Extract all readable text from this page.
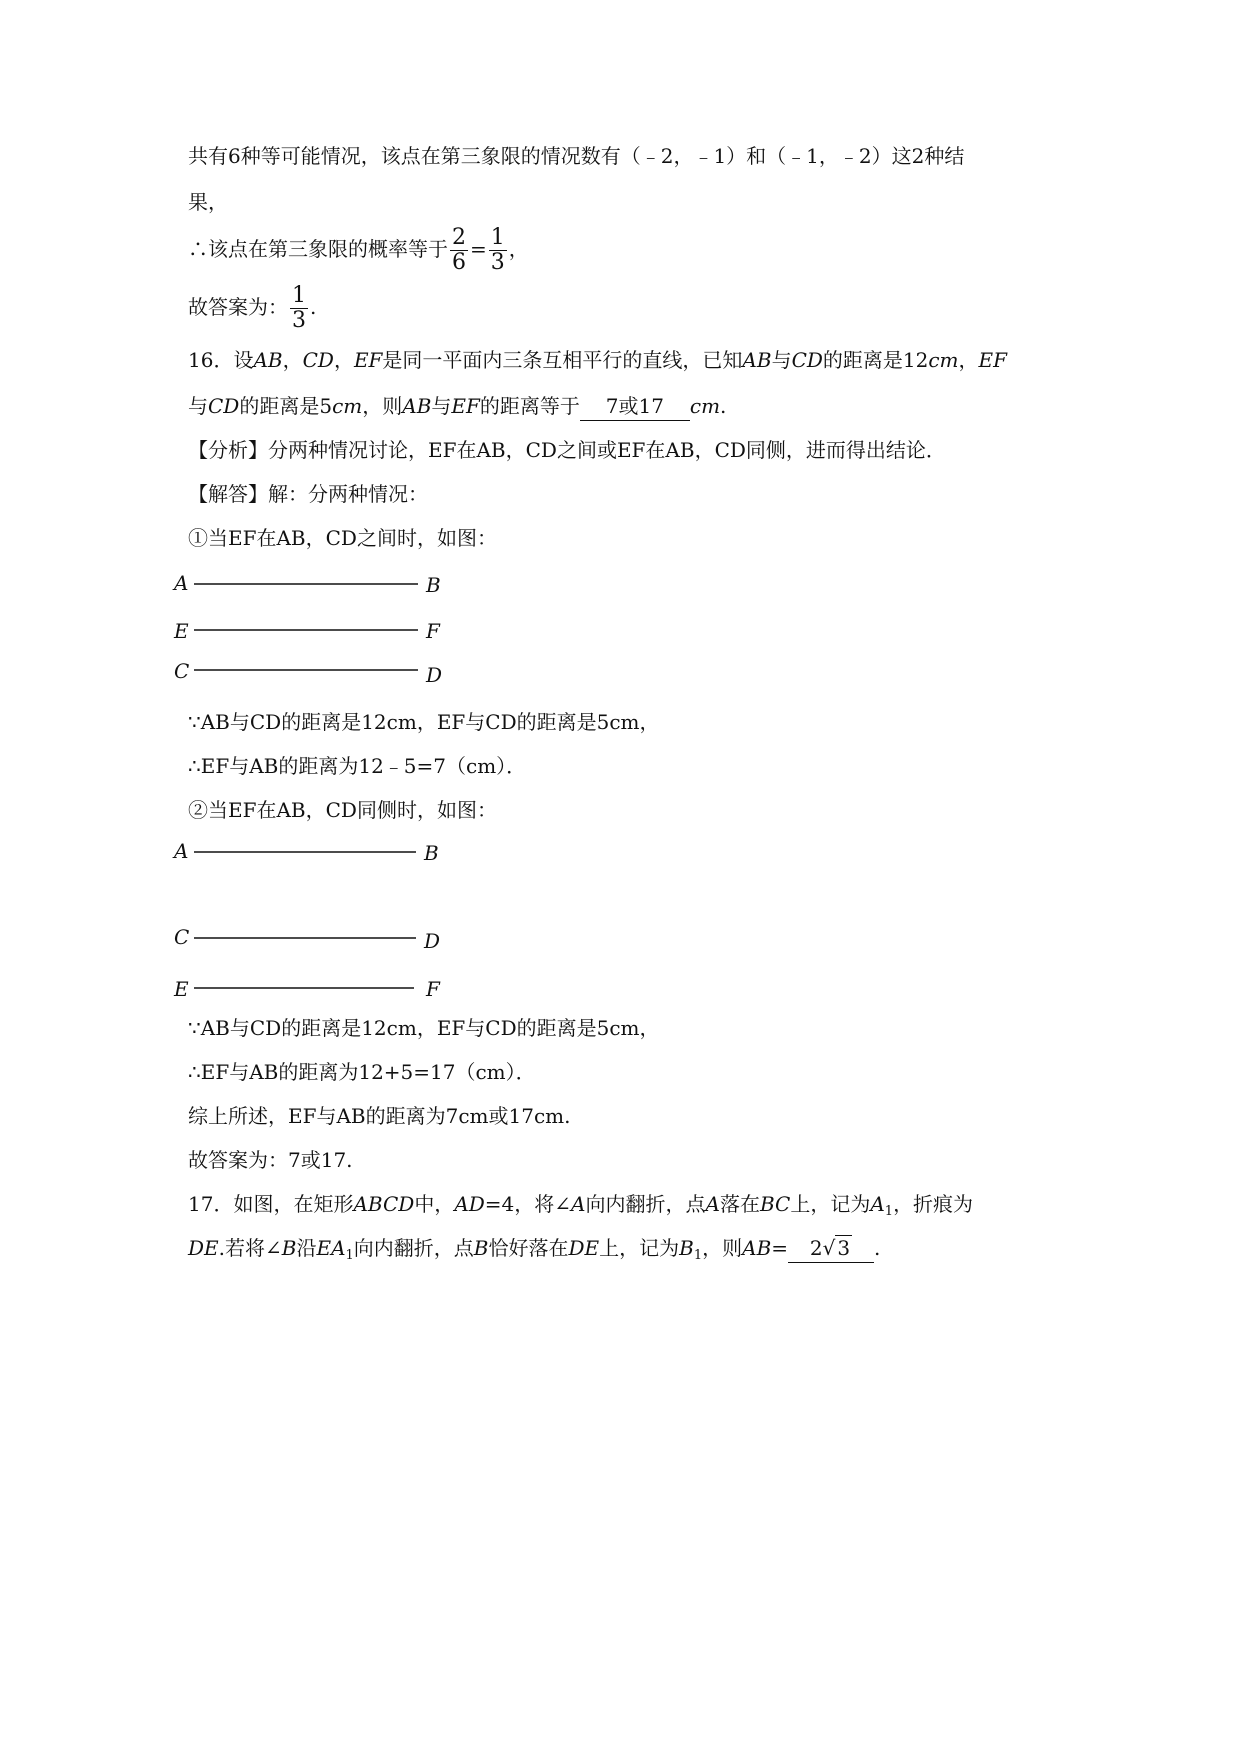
共有6种等可能情况，该点在第三象限的情况数有（﹣2，﹣1）和（﹣1，﹣2）这2种结
果，
∴该点在第三象限的概率等于 $\frac{2}{6} = \frac{1}{3}$ ，
故答案为： $\frac{1}{3}$ .
16．设AB，CD，EF是同一平面内三条互相平行的直线，已知AB与CD的距离是12cm，EF
与CD的距离是5cm，则AB与EF的距离等于 7或17 cm.
【分析】分两种情况讨论，EF在AB，CD之间或EF在AB，CD同侧，进而得出结论．
【解答】解：分两种情况：
①当EF在AB，CD之间时，如图：
A	B
E	F
C	D
∵AB与CD的距离是12cm，EF与CD的距离是5cm，
∴EF与AB的距离为12﹣5=7（cm）．
②当EF在AB，CD同侧时，如图：
A	B
C	D
E	F
∵AB与CD的距离是12cm，EF与CD的距离是5cm，
∴EF与AB的距离为12+5=17（cm）．
综上所述，EF与AB的距离为7cm或17cm.
故答案为：7或17.
17．如图，在矩形ABCD中，AD=4，将∠A向内翻折，点A落在BC上，记为$A_1$，折痕为
DE.若将∠B沿$EA_1$向内翻折，点B恰好落在DE上，记为$B_1$，则AB= 2√ 3 .
